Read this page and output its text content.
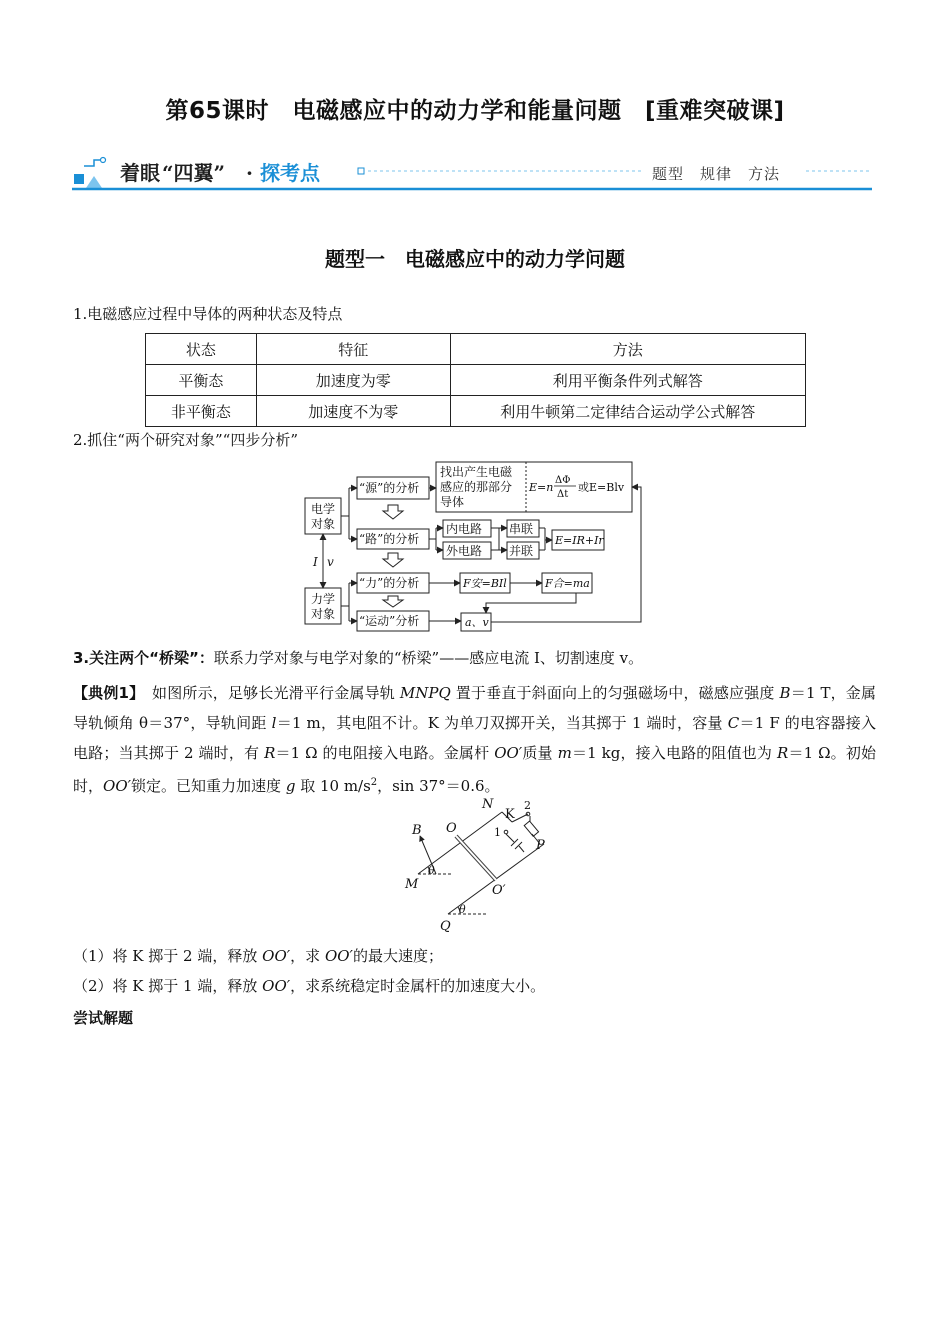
第65课时　电磁感应中的动力学和能量问题　[重难突破课]
着眼 “四翼” · 探考点	题型　规律　方法
题型一　电磁感应中的动力学问题
1.电磁感应过程中导体的两种状态及特点
状态	特征	方法
平衡态	加速度为零	利用平衡条件列式解答
非平衡态	加速度不为零	利用牛顿第二定律结合运动学公式解答
2.抓住“两个研究对象”“四步分析”
电学
对象
力学
对象
I v
“源”的分析
“路”的分析
“力”的分析
“运动”分析
找出产生电磁
感应的那部分
导体
E=n
ΔΦ
Δt
或E=Blv
内电路
外电路
串联
并联
E=IR+Ir
F安=BIl	F合=ma
a、v
3.关注两个“桥梁”：联系力学对象与电学对象的“桥梁”——感应电流 I、切割速度 v。
【典例1】　如图所示，足够长光滑平行金属导轨 MNPQ 置于垂直于斜面向上的匀强磁场中，磁感应强度 B＝1 T，金属导轨倾角 θ＝37°，导轨间距 l＝1 m，其电阻不计。K 为单刀双掷开关，当其掷于 1 端时，容量 C＝1 F 的电容器接入电路；当其掷于 2 端时，有 R＝1 Ω 的电阻接入电路。金属杆 OO′质量 m＝1 kg，接入电路的阻值也为 R＝1 Ω。初始时，OO′锁定。已知重力加速度 g 取 10 $m/s^2$，sin 37°＝0.6。
N
K
2
1
P
B O
O′
M
Q
θ
θ
（1）将 K 掷于 2 端，释放 OO′，求 OO′的最大速度；
（2）将 K 掷于 1 端，释放 OO′，求系统稳定时金属杆的加速度大小。
尝试解题
